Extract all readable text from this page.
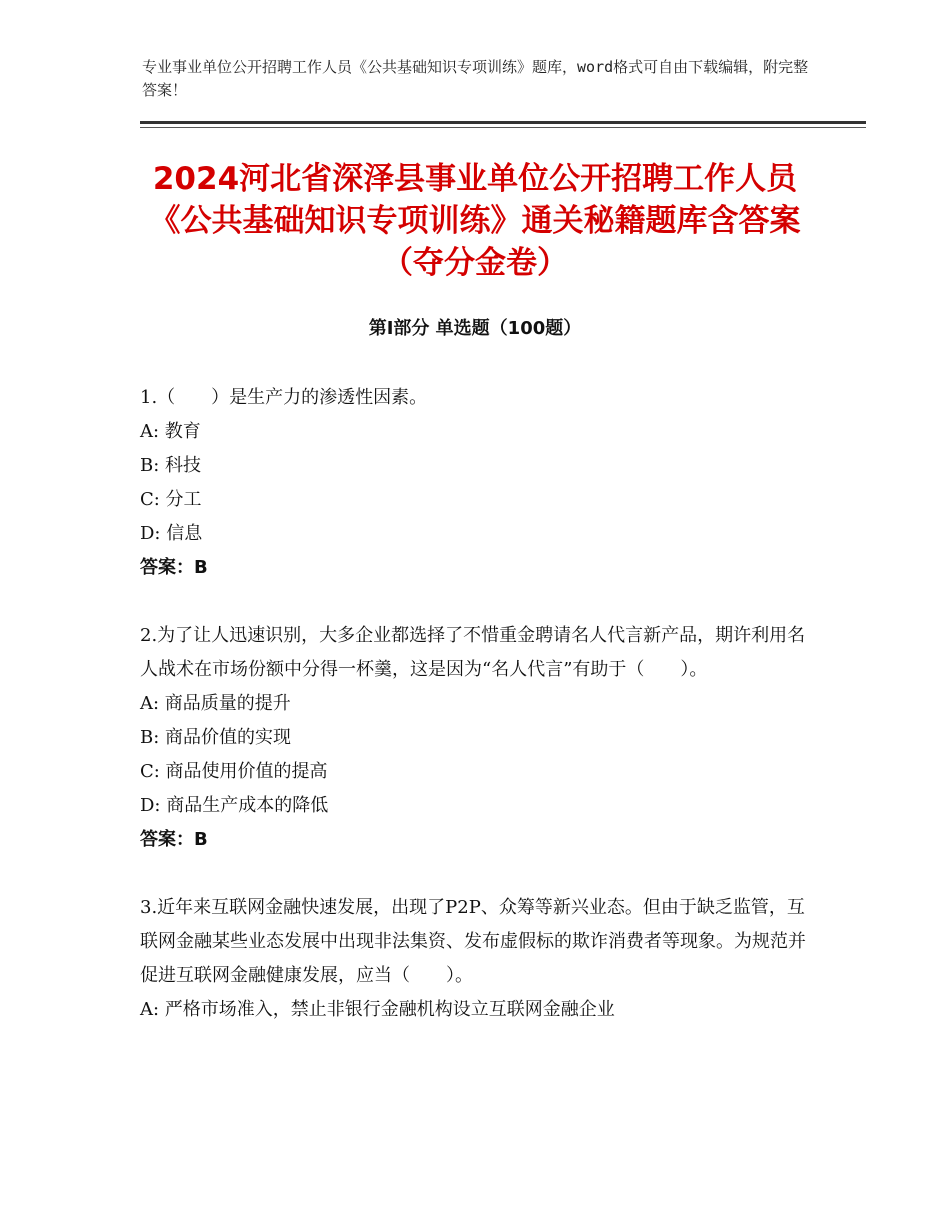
专业事业单位公开招聘工作人员《公共基础知识专项训练》题库，word格式可自由下载编辑，附完整答案！
2024河北省深泽县事业单位公开招聘工作人员《公共基础知识专项训练》通关秘籍题库含答案（夺分金卷）
第Ⅰ部分 单选题（100题）
1.（　　）是生产力的渗透性因素。
A: 教育
B: 科技
C: 分工
D: 信息
答案：B
2.为了让人迅速识别，大多企业都选择了不惜重金聘请名人代言新产品，期许利用名人战术在市场份额中分得一杯羹，这是因为“名人代言”有助于（　　）。
A: 商品质量的提升
B: 商品价值的实现
C: 商品使用价值的提高
D: 商品生产成本的降低
答案：B
3.近年来互联网金融快速发展，出现了P2P、众筹等新兴业态。但由于缺乏监管，互联网金融某些业态发展中出现非法集资、发布虚假标的欺诈消费者等现象。为规范并促进互联网金融健康发展，应当（　　）。
A: 严格市场准入，禁止非银行金融机构设立互联网金融企业
